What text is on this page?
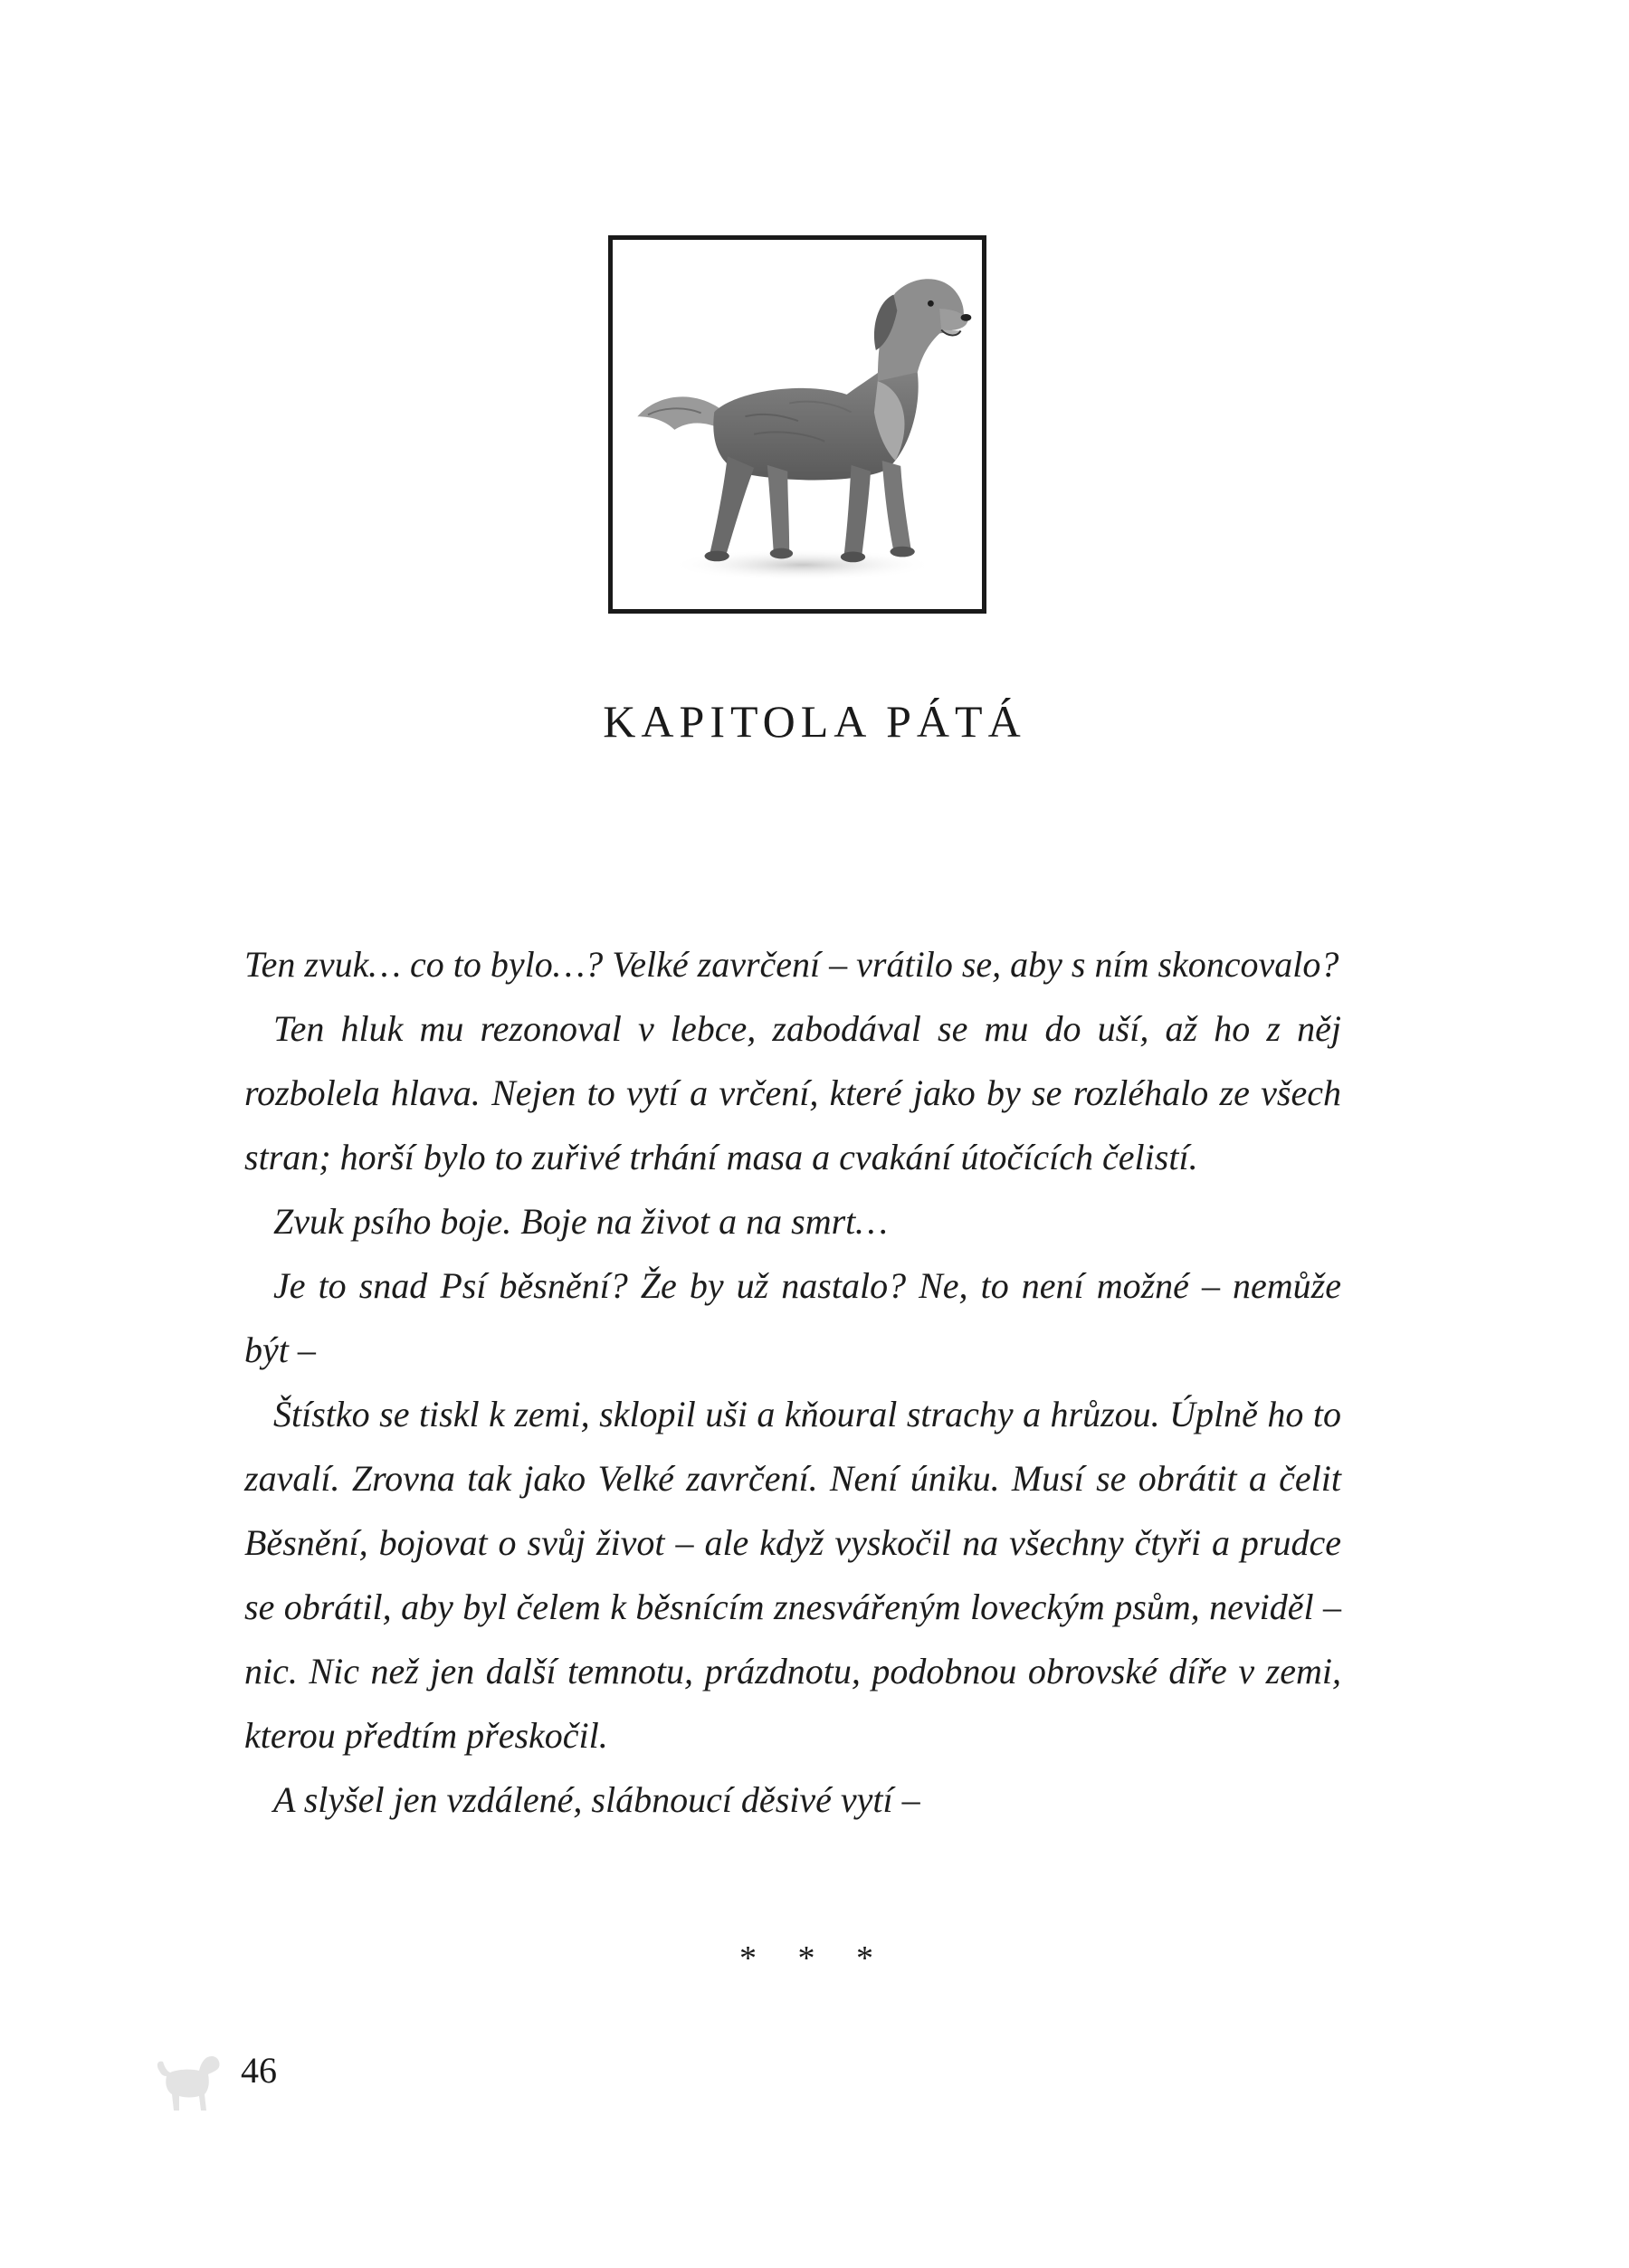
KAPITOLA PÁTÁ

Ten zvuk… co to bylo…? Velké zavrčení – vrátilo se, aby s ním skoncovalo?

Ten hluk mu rezonoval v lebce, zabodával se mu do uší, až ho z něj rozbolela hlava. Nejen to vytí a vrčení, které jako by se rozléhalo ze všech stran; horší bylo to zuřivé trhání masa a cvakání útočících čelistí.

Zvuk psího boje. Boje na život a na smrt…

Je to snad Psí běsnění? Že by už nastalo? Ne, to není možné – nemůže být –

Štístko se tiskl k zemi, sklopil uši a kňoural strachy a hrůzou. Úplně ho to zavalí. Zrovna tak jako Velké zavrčení. Není úniku. Musí se obrátit a čelit Běsnění, bojovat o svůj život – ale když vyskočil na všechny čtyři a prudce se obrátil, aby byl čelem k běsnícím znesvářeným loveckým psům, neviděl – nic. Nic než jen další temnotu, prázdnotu, podobnou obrovské díře v zemi, kterou předtím přeskočil.

A slyšel jen vzdálené, slábnoucí děsivé vytí –

* * *
46
